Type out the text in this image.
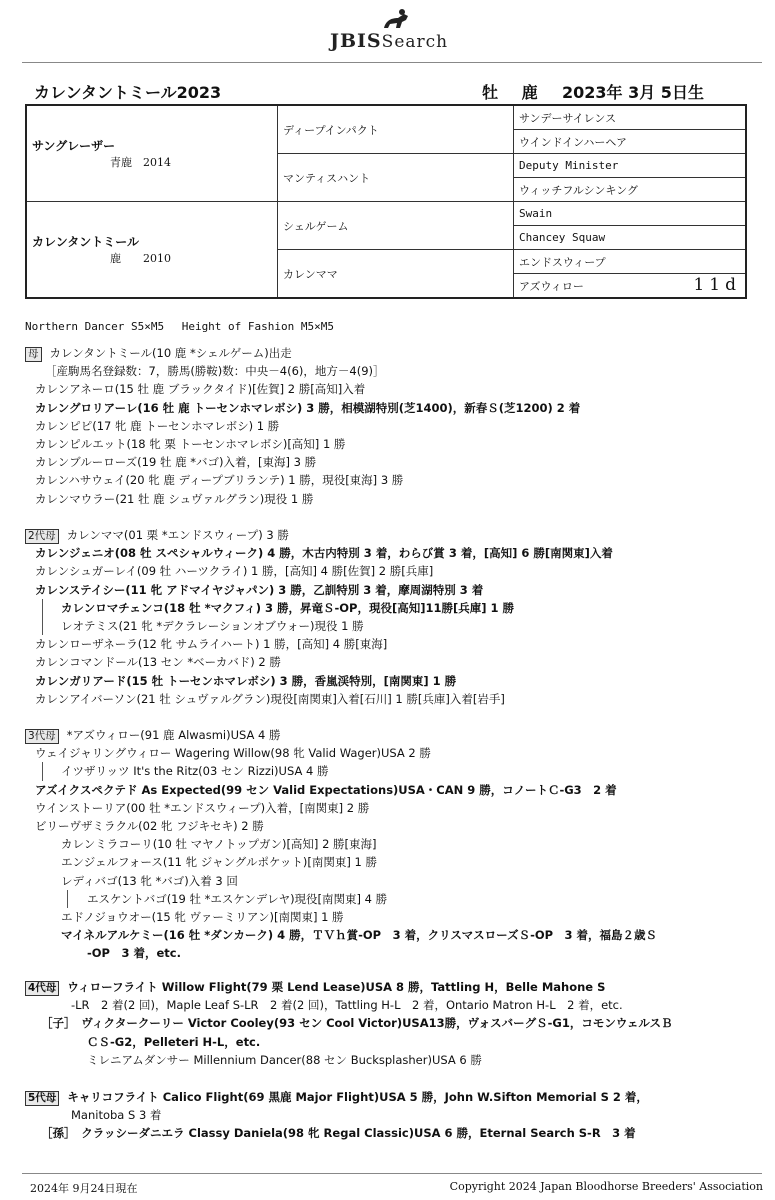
JBISSearch
カレンタントミール2023	牡 鹿 2023年 3月 5日生
サングレーザー
青鹿　2014	ディープインパクト	サンデーサイレンス
		ウインドインハーヘア
	マンティスハント	Deputy Minister
		ウィッチフルシンキング

カレンタントミール
鹿　　2010	シェルゲーム	Swain
		Chancey Squaw
	カレンママ	エンドスウィープ
		アズウィロー 11d
Northern Dancer S5×M5　 Height of Fashion M5×M5
母 カレンタントミール(10 鹿 *シェルゲーム)出走
［産駒馬名登録数：7，勝馬(勝鞍)数：中央－4(6)，地方－4(9)］
カレンアネーロ(15 牡 鹿 ブラックタイド)[佐賀] 2 勝[高知]入着
カレングロリアーレ(16 牡 鹿 トーセンホマレボシ) 3 勝，相模湖特別(芝1400)，新春Ｓ(芝1200) 2 着
カレンピピ(17 牝 鹿 トーセンホマレボシ) 1 勝
カレンピルエット(18 牝 栗 トーセンホマレボシ)[高知] 1 勝
カレンブルーローズ(19 牡 鹿 *バゴ)入着，[東海] 3 勝
カレンハサウェイ(20 牝 鹿 ディープブリランテ) 1 勝，現役[東海] 3 勝
カレンマウラー(21 牡 鹿 シュヴァルグラン)現役 1 勝
2代母 カレンママ(01 栗 *エンドスウィープ) 3 勝
カレンジェニオ(08 牡 スペシャルウィーク) 4 勝，木古内特別 3 着，わらび賞 3 着，[高知] 6 勝[南関東]入着
カレンシュガーレイ(09 牡 ハーツクライ) 1 勝，[高知] 4 勝[佐賀] 2 勝[兵庫]
カレンステイシー(11 牝 アドマイヤジャパン) 3 勝，乙訓特別 3 着，摩周湖特別 3 着
カレンロマチェンコ(18 牡 *マクフィ) 3 勝，昇竜Ｓ-OP，現役[高知]11勝[兵庫] 1 勝
レオテミス(21 牝 *デクラレーションオブウォー)現役 1 勝
カレンローザネーラ(12 牝 サムライハート) 1 勝，[高知] 4 勝[東海]
カレンコマンドール(13 セン *ベーカバド) 2 勝
カレンガリアード(15 牡 トーセンホマレボシ) 3 勝，香嵐渓特別，[南関東] 1 勝
カレンアイバーソン(21 牡 シュヴァルグラン)現役[南関東]入着[石川] 1 勝[兵庫]入着[岩手]
3代母 *アズウィロー(91 鹿 Alwasmi)USA 4 勝
ウェイジャリングウィロー Wagering Willow(98 牝 Valid Wager)USA 2 勝
イツザリッツ It's the Ritz(03 セン Rizzi)USA 4 勝
アズイクスペクテド As Expected(99 セン Valid Expectations)USA・CAN 9 勝，コノートＣ-G3　2 着
ウインストーリア(00 牡 *エンドスウィープ)入着，[南関東] 2 勝
ビリーヴザミラクル(02 牝 フジキセキ) 2 勝
カレンミラコーリ(10 牡 マヤノトップガン)[高知] 2 勝[東海]
エンジェルフォース(11 牝 ジャングルポケット)[南関東] 1 勝
レディバゴ(13 牝 *バゴ)入着 3 回
エスケントバゴ(19 牡 *エスケンデレヤ)現役[南関東] 4 勝
エドノジョウオー(15 牝 ヴァーミリアン)[南関東] 1 勝
マイネルアルケミー(16 牡 *ダンカーク) 4 勝，ＴＶｈ賞-OP　3 着，クリスマスローズＳ-OP　3 着，福島２歳Ｓ
-OP　3 着，etc.
4代母 ウィローフライト Willow Flight(79 栗 Lend Lease)USA 8 勝，Tattling H，Belle Mahone S
-LR　2 着(2 回)，Maple Leaf S-LR　2 着(2 回)，Tattling H-L　2 着，Ontario Matron H-L　2 着，etc.
［子］　ヴィクタークーリー Victor Cooley(93 セン Cool Victor)USA13勝，ヴォスバーグＳ-G1，コモンウェルスＢ
ＣＳ-G2，Pelleteri H-L，etc.
ミレニアムダンサー Millennium Dancer(88 セン Bucksplasher)USA 6 勝
5代母 キャリコフライト Calico Flight(69 黒鹿 Major Flight)USA 5 勝，John W.Sifton Memorial S 2 着，
Manitoba S 3 着
［孫］　クラッシーダニエラ Classy Daniela(98 牝 Regal Classic)USA 6 勝，Eternal Search S-R　3 着
2024年 9月24日現在	Copyright 2024 Japan Bloodhorse Breeders' Association
